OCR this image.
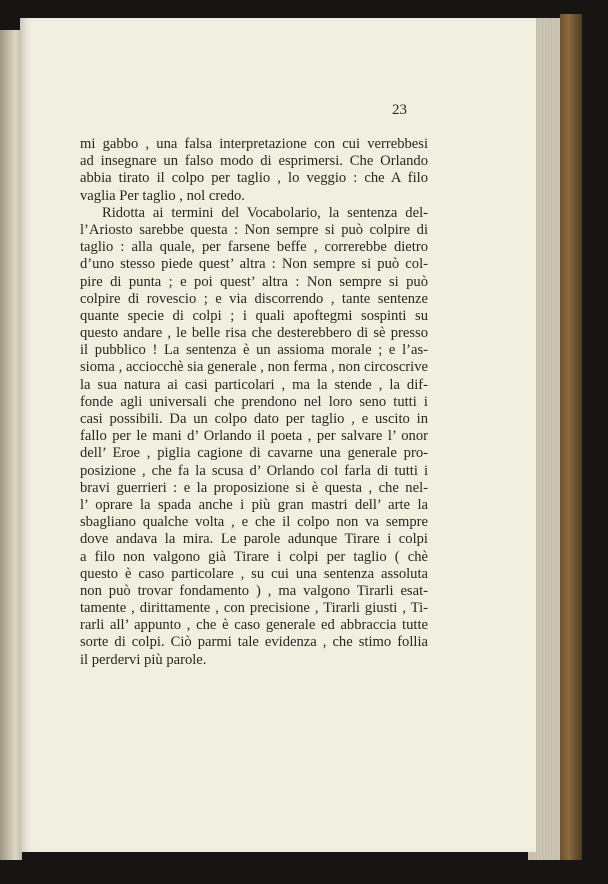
23
mi gabbo , una falsa interpretazione con cui verrebbesi
ad insegnare un falso modo di esprimersi. Che Orlando
abbia tirato il colpo per taglio , lo veggio : che A filo
vaglia Per taglio , nol credo.
Ridotta ai termini del Vocabolario, la sentenza del-
l’Ariosto sarebbe questa : Non sempre si può colpire di
taglio : alla quale, per farsene beffe , correrebbe dietro
d’uno stesso piede quest’ altra : Non sempre si può col-
pire di punta ; e poi quest’ altra : Non sempre si può
colpire di rovescio ; e via discorrendo , tante sentenze
quante specie di colpi ; i quali apoftegmi sospinti su
questo andare , le belle risa che desterebbero di sè presso
il pubblico ! La sentenza è un assioma morale ; e l’as-
sioma , acciocchè sia generale , non ferma , non circoscrive
la sua natura ai casi particolari , ma la stende , la dif-
fonde agli universali che prendono nel loro seno tutti i
casi possibili. Da un colpo dato per taglio , e uscito in
fallo per le mani d’ Orlando il poeta , per salvare l’ onor
dell’ Eroe , piglia cagione di cavarne una generale pro-
posizione , che fa la scusa d’ Orlando col farla di tutti i
bravi guerrieri : e la proposizione si è questa , che nel-
l’ oprare la spada anche i più gran mastri dell’ arte la
sbagliano qualche volta , e che il colpo non va sempre
dove andava la mira. Le parole adunque Tirare i colpi
a filo non valgono già Tirare i colpi per taglio ( chè
questo è caso particolare , su cui una sentenza assoluta
non può trovar fondamento ) , ma valgono Tirarli esat-
tamente , dirittamente , con precisione , Tirarli giusti , Ti-
rarli all’ appunto , che è caso generale ed abbraccia tutte
sorte di colpi. Ciò parmi tale evidenza , che stimo follia
il perdervi più parole.
